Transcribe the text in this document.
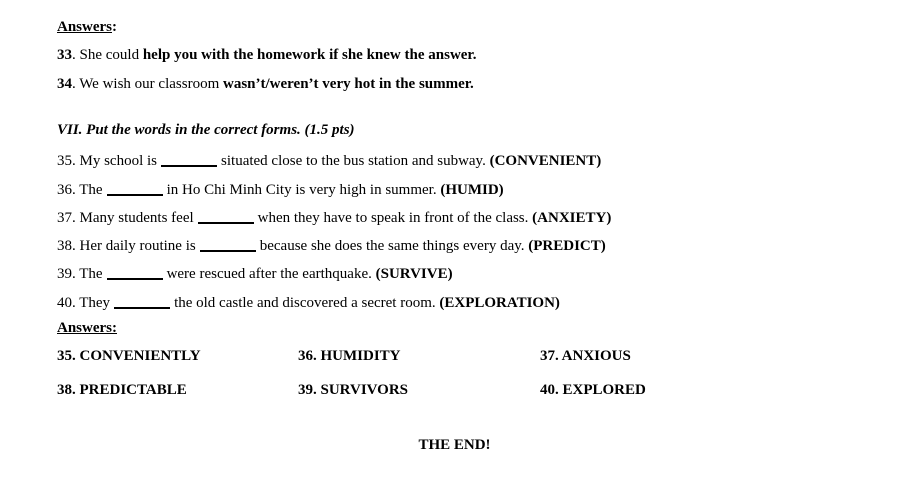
Answers:
33. She could help you with the homework if she knew the answer.
34. We wish our classroom wasn’t/weren’t very hot in the summer.
VII. Put the words in the correct forms. (1.5 pts)
35. My school is	situated close to the bus station and subway. (CONVENIENT)
36. The	in Ho Chi Minh City is very high in summer. (HUMID)
37. Many students feel	when they have to speak in front of the class. (ANXIETY)
38. Her daily routine is	because she does the same things every day. (PREDICT)
39. The	were rescued after the earthquake. (SURVIVE)
40. They	the old castle and discovered a secret room. (EXPLORATION)
Answers:
35. CONVENIENTLY	36. HUMIDITY	37. ANXIOUS
38. PREDICTABLE	39. SURVIVORS	40. EXPLORED
THE END!
